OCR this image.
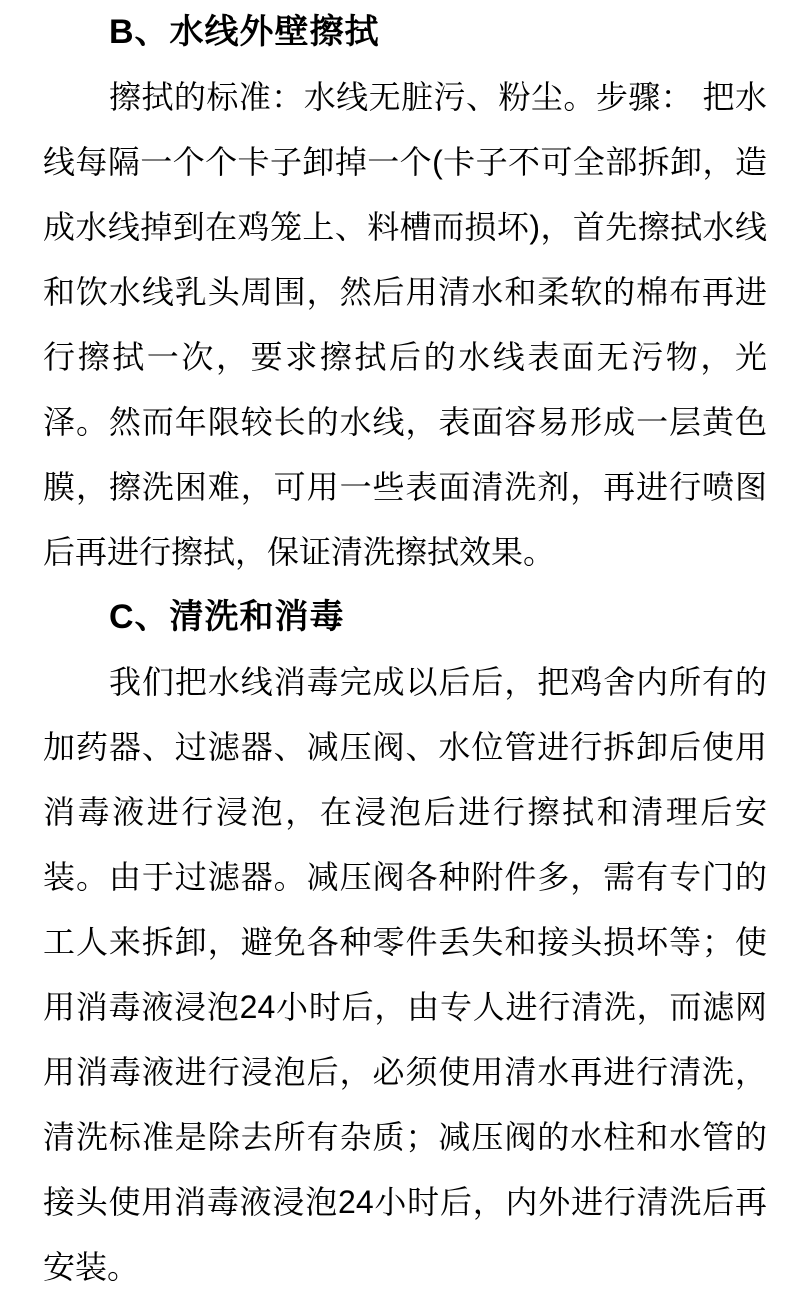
B、水线外壁擦拭

擦拭的标准：水线无脏污、粉尘。步骤： 把水

线每隔一个个卡子卸掉一个(卡子不可全部拆卸，造

成水线掉到在鸡笼上、料槽而损坏)，首先擦拭水线

和饮水线乳头周围，然后用清水和柔软的棉布再进

行擦拭一次，要求擦拭后的水线表面无污物，光

泽。然而年限较长的水线，表面容易形成一层黄色

膜，擦洗困难，可用一些表面清洗剂，再进行喷图

后再进行擦拭，保证清洗擦拭效果。

C、清洗和消毒

我们把水线消毒完成以后后，把鸡舍内所有的

加药器、过滤器、减压阀、水位管进行拆卸后使用

消毒液进行浸泡，在浸泡后进行擦拭和清理后安

装。由于过滤器。减压阀各种附件多，需有专门的

工人来拆卸，避免各种零件丢失和接头损坏等；使

用消毒液浸泡24小时后，由专人进行清洗，而滤网

用消毒液进行浸泡后，必须使用清水再进行清洗，

清洗标准是除去所有杂质；减压阀的水柱和水管的

接头使用消毒液浸泡24小时后，内外进行清洗后再

安装。
